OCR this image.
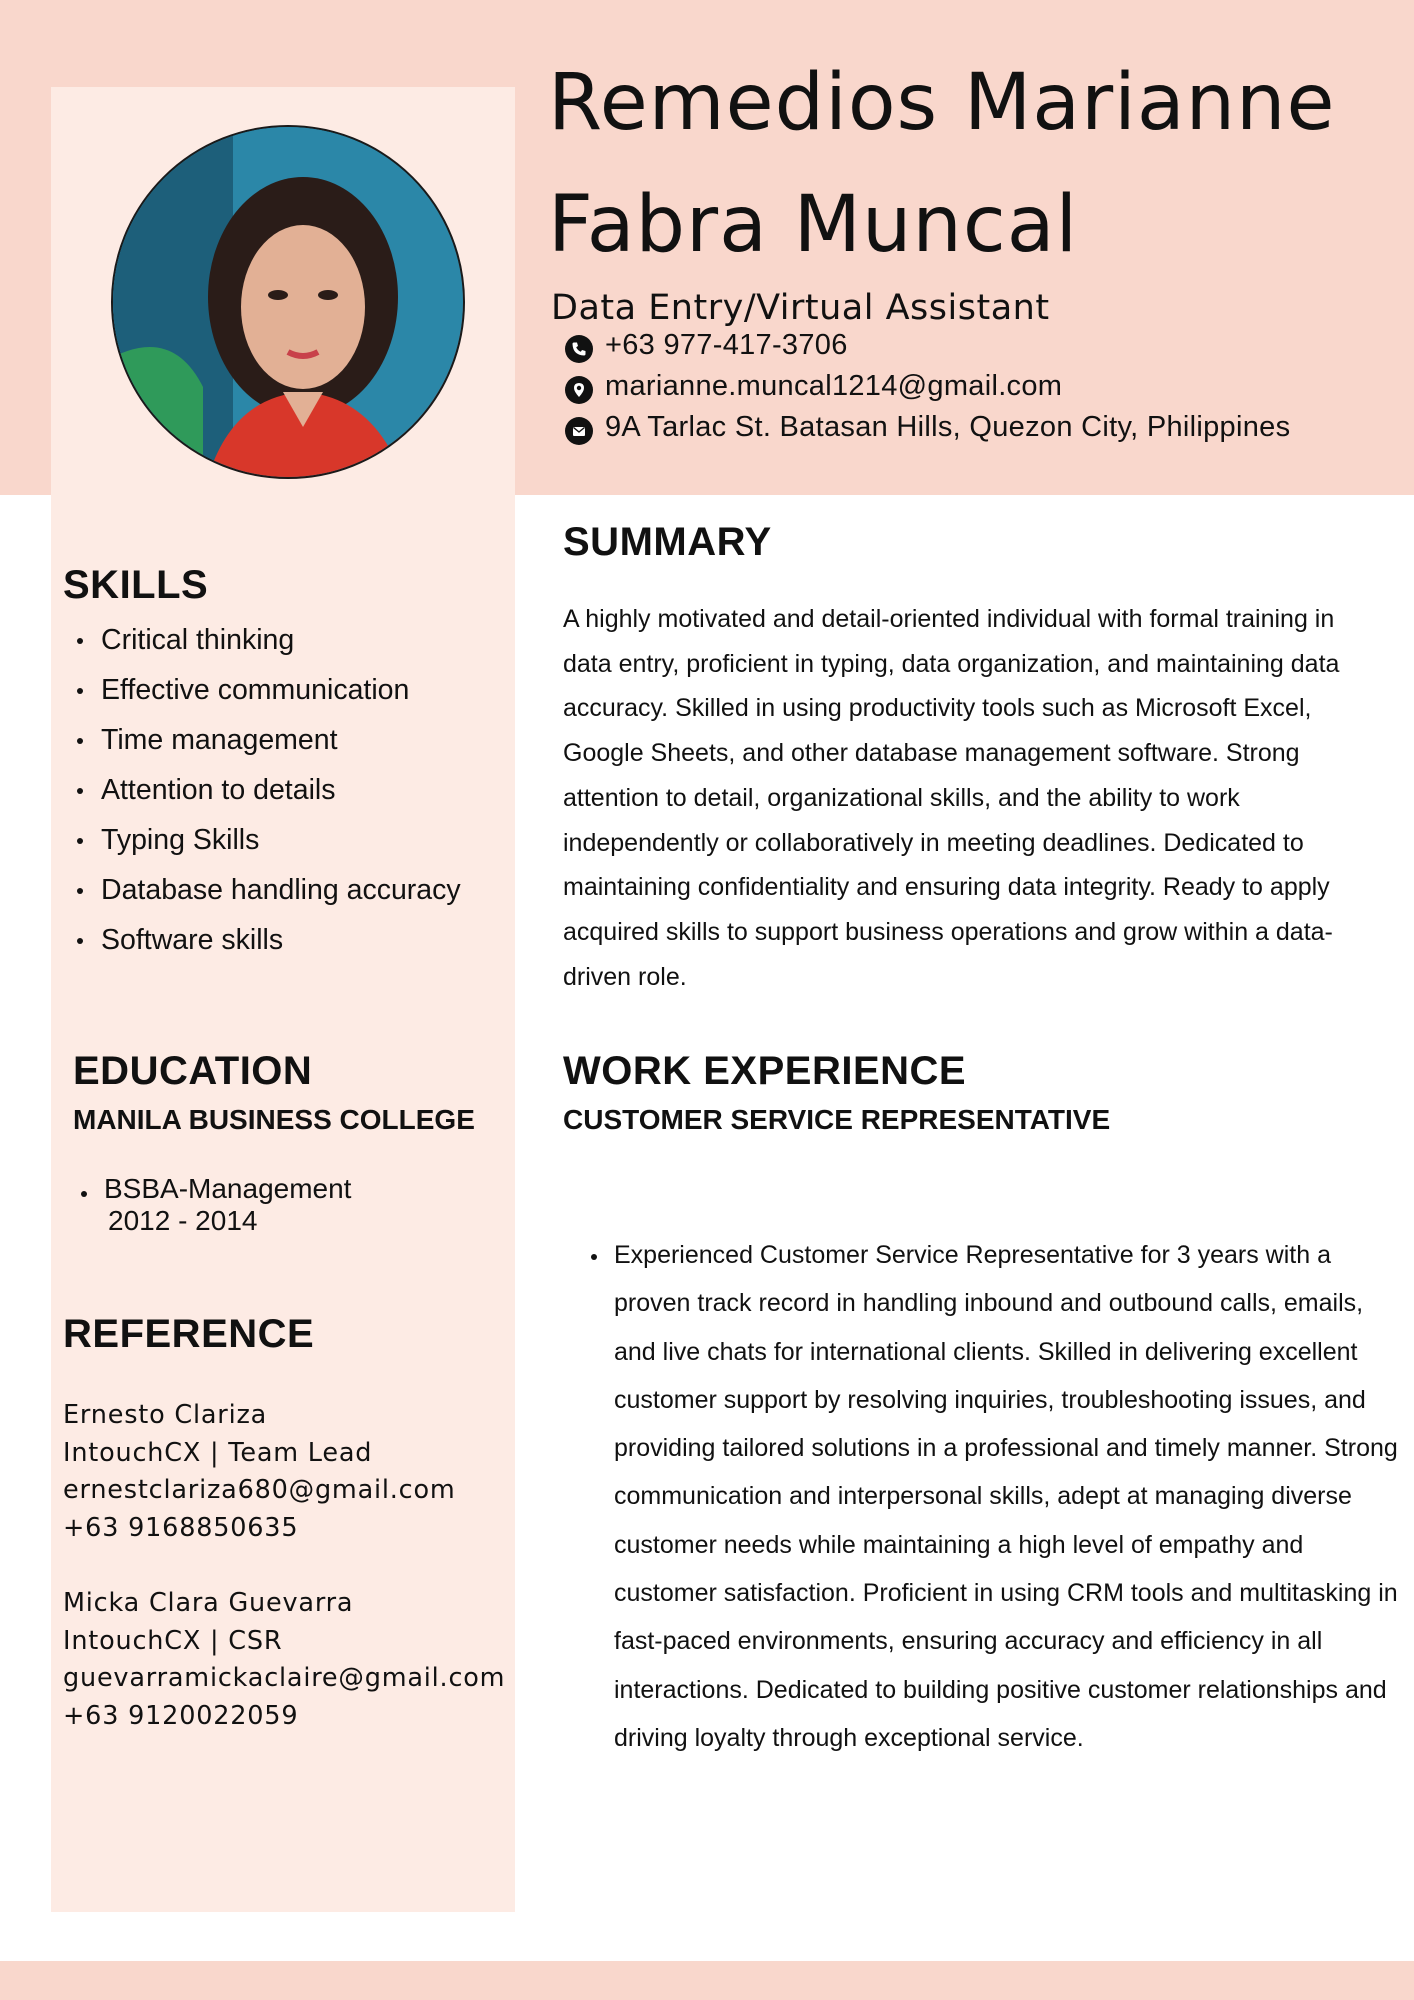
Remedios Marianne
Fabra Muncal
Data Entry/Virtual Assistant
+63 977-417-3706
marianne.muncal1214@gmail.com
9A Tarlac St. Batasan Hills, Quezon City, Philippines
SKILLS
Critical thinking
Effective communication
Time management
Attention to details
Typing Skills
Database handling accuracy
Software skills
EDUCATION
MANILA BUSINESS COLLEGE
BSBA-Management
2012 - 2014
REFERENCE
Ernesto Clariza
IntouchCX | Team Lead
ernestclariza680@gmail.com
+63 9168850635
Micka Clara Guevarra
IntouchCX | CSR
guevarramickaclaire@gmail.com
+63 9120022059
SUMMARY

A highly motivated and detail-oriented individual with formal training in data entry, proficient in typing, data organization, and maintaining data accuracy. Skilled in using productivity tools such as Microsoft Excel, Google Sheets, and other database management software. Strong attention to detail, organizational skills, and the ability to work independently or collaboratively in meeting deadlines. Dedicated to maintaining confidentiality and ensuring data integrity. Ready to apply acquired skills to support business operations and grow within a data-driven role.

WORK EXPERIENCE
CUSTOMER SERVICE REPRESENTATIVE
Experienced Customer Service Representative for 3 years with a proven track record in handling inbound and outbound calls, emails, and live chats for international clients. Skilled in delivering excellent customer support by resolving inquiries, troubleshooting issues, and providing tailored solutions in a professional and timely manner. Strong communication and interpersonal skills, adept at managing diverse customer needs while maintaining a high level of empathy and customer satisfaction. Proficient in using CRM tools and multitasking in fast-paced environments, ensuring accuracy and efficiency in all interactions. Dedicated to building positive customer relationships and driving loyalty through exceptional service.
